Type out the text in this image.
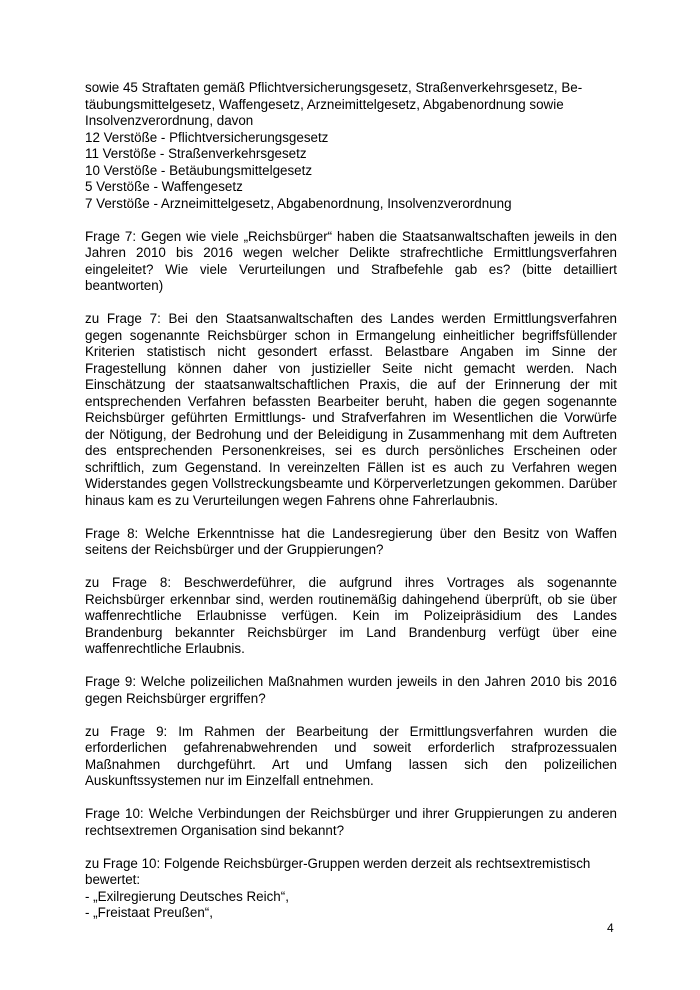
sowie 45 Straftaten gemäß Pflichtversicherungsgesetz, Straßenverkehrsgesetz, Be-
täubungsmittelgesetz, Waffengesetz, Arzneimittelgesetz, Abgabenordnung sowie
Insolvenzverordnung, davon
12 Verstöße - Pflichtversicherungsgesetz
11 Verstöße - Straßenverkehrsgesetz
10 Verstöße - Betäubungsmittelgesetz
5 Verstöße - Waffengesetz
7 Verstöße - Arzneimittelgesetz, Abgabenordnung, Insolvenzverordnung

Frage 7: Gegen wie viele „Reichsbürger“ haben die Staatsanwaltschaften jeweils in den Jahren 2010 bis 2016 wegen welcher Delikte strafrechtliche Ermittlungsverfahren eingeleitet? Wie viele Verurteilungen und Strafbefehle gab es? (bitte detailliert beantworten)

zu Frage 7: Bei den Staatsanwaltschaften des Landes werden Ermittlungsverfahren gegen sogenannte Reichsbürger schon in Ermangelung einheitlicher begriffsfüllender Kriterien statistisch nicht gesondert erfasst. Belastbare Angaben im Sinne der Fragestellung können daher von justizieller Seite nicht gemacht werden. Nach Einschätzung der staatsanwaltschaftlichen Praxis, die auf der Erinnerung der mit entsprechenden Verfahren befassten Bearbeiter beruht, haben die gegen sogenannte Reichsbürger geführten Ermittlungs- und Strafverfahren im Wesentlichen die Vorwürfe der Nötigung, der Bedrohung und der Beleidigung in Zusammenhang mit dem Auftreten des entsprechenden Personenkreises, sei es durch persönliches Erscheinen oder schriftlich, zum Gegenstand. In vereinzelten Fällen ist es auch zu Verfahren wegen Widerstandes gegen Vollstreckungsbeamte und Körperverletzungen gekommen. Darüber hinaus kam es zu Verurteilungen wegen Fahrens ohne Fahrerlaubnis.

Frage 8: Welche Erkenntnisse hat die Landesregierung über den Besitz von Waffen seitens der Reichsbürger und der Gruppierungen?

zu Frage 8: Beschwerdeführer, die aufgrund ihres Vortrages als sogenannte Reichsbürger erkennbar sind, werden routinemäßig dahingehend überprüft, ob sie über waffenrechtliche Erlaubnisse verfügen. Kein im Polizeipräsidium des Landes Brandenburg bekannter Reichsbürger im Land Brandenburg verfügt über eine waffenrechtliche Erlaubnis.

Frage 9: Welche polizeilichen Maßnahmen wurden jeweils in den Jahren 2010 bis 2016 gegen Reichsbürger ergriffen?

zu Frage 9: Im Rahmen der Bearbeitung der Ermittlungsverfahren wurden die erforderlichen gefahrenabwehrenden und soweit erforderlich strafprozessualen Maßnahmen durchgeführt. Art und Umfang lassen sich den polizeilichen Auskunftssystemen nur im Einzelfall entnehmen.

Frage 10: Welche Verbindungen der Reichsbürger und ihrer Gruppierungen zu anderen rechtsextremen Organisation sind bekannt?

zu Frage 10: Folgende Reichsbürger-Gruppen werden derzeit als rechtsextremistisch
bewertet:
- „Exilregierung Deutsches Reich“,
- „Freistaat Preußen“,
4
